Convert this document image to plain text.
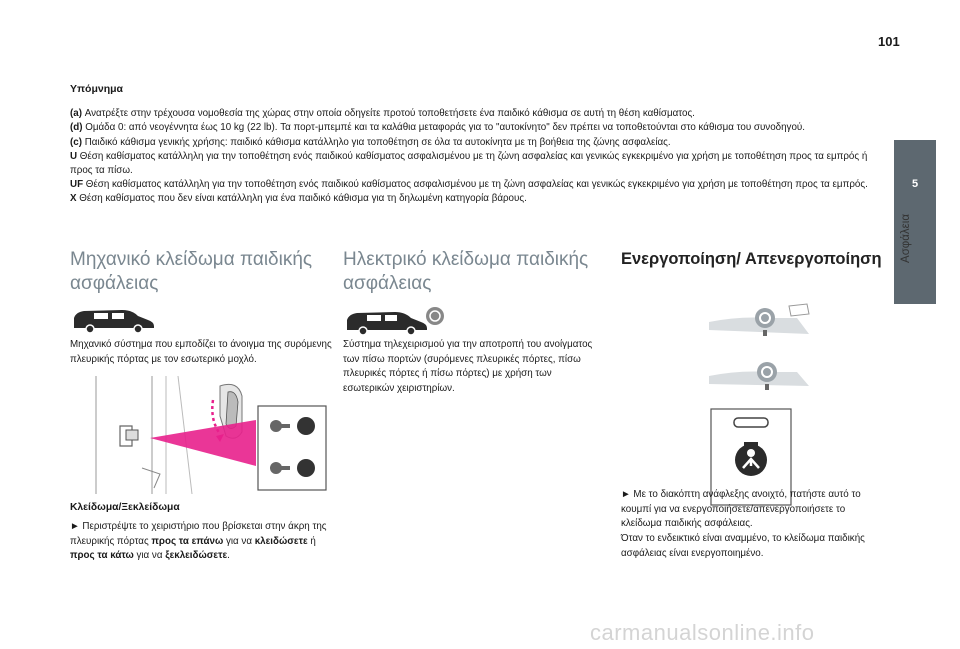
101
5
Ασφάλεια
Υπόμνημα

(a) Ανατρέξτε στην τρέχουσα νομοθεσία της χώρας στην οποία οδηγείτε προτού τοποθετήσετε ένα παιδικό κάθισμα σε αυτή τη θέση καθίσματος.

(d) Ομάδα 0: από νεογέννητα έως 10 kg (22 lb). Τα πορτ-μπεμπέ και τα καλάθια μεταφοράς για το "αυτοκίνητο" δεν πρέπει να τοποθετούνται στο κάθισμα του συνοδηγού.

(c) Παιδικό κάθισμα γενικής χρήσης: παιδικό κάθισμα κατάλληλο για τοποθέτηση σε όλα τα αυτοκίνητα με τη βοήθεια της ζώνης ασφαλείας.

U Θέση καθίσματος κατάλληλη για την τοποθέτηση ενός παιδικού καθίσματος ασφαλισμένου με τη ζώνη ασφαλείας και γενικώς εγκεκριμένο για χρήση με τοποθέτηση προς τα εμπρός ή προς τα πίσω.

UF Θέση καθίσματος κατάλληλη για την τοποθέτηση ενός παιδικού καθίσματος ασφαλισμένου με τη ζώνη ασφαλείας και γενικώς εγκεκριμένο για χρήση με τοποθέτηση προς τα εμπρός.

X Θέση καθίσματος που δεν είναι κατάλληλη για ένα παιδικό κάθισμα για τη δηλωμένη κατηγορία βάρους.

Μηχανικό κλείδωμα παιδικής ασφάλειας

Μηχανικό σύστημα που εμποδίζει το άνοιγμα της συρόμενης πλευρικής πόρτας με τον εσωτερικό μοχλό.

Κλείδωμα/Ξεκλείδωμα

► Περιστρέψτε το χειριστήριο που βρίσκεται στην άκρη της πλευρικής πόρτας προς τα επάνω για να κλειδώσετε ή προς τα κάτω για να ξεκλειδώσετε.

Ηλεκτρικό κλείδωμα παιδικής ασφάλειας

Σύστημα τηλεχειρισμού για την αποτροπή του ανοίγματος των πίσω πορτών (συρόμενες πλευρικές πόρτες, πίσω πλευρικές πόρτες ή πίσω πόρτες) με χρήση των εσωτερικών χειριστηρίων.

Ενεργοποίηση/ Απενεργοποίηση

► Με το διακόπτη ανάφλεξης ανοιχτό, πατήστε αυτό το κουμπί για να ενεργοποιήσετε/απενεργοποιήσετε το κλείδωμα παιδικής ασφάλειας.

Όταν το ενδεικτικό είναι αναμμένο, το κλείδωμα παιδικής ασφάλειας είναι ενεργοποιημένο.

carmanualsonline.info
